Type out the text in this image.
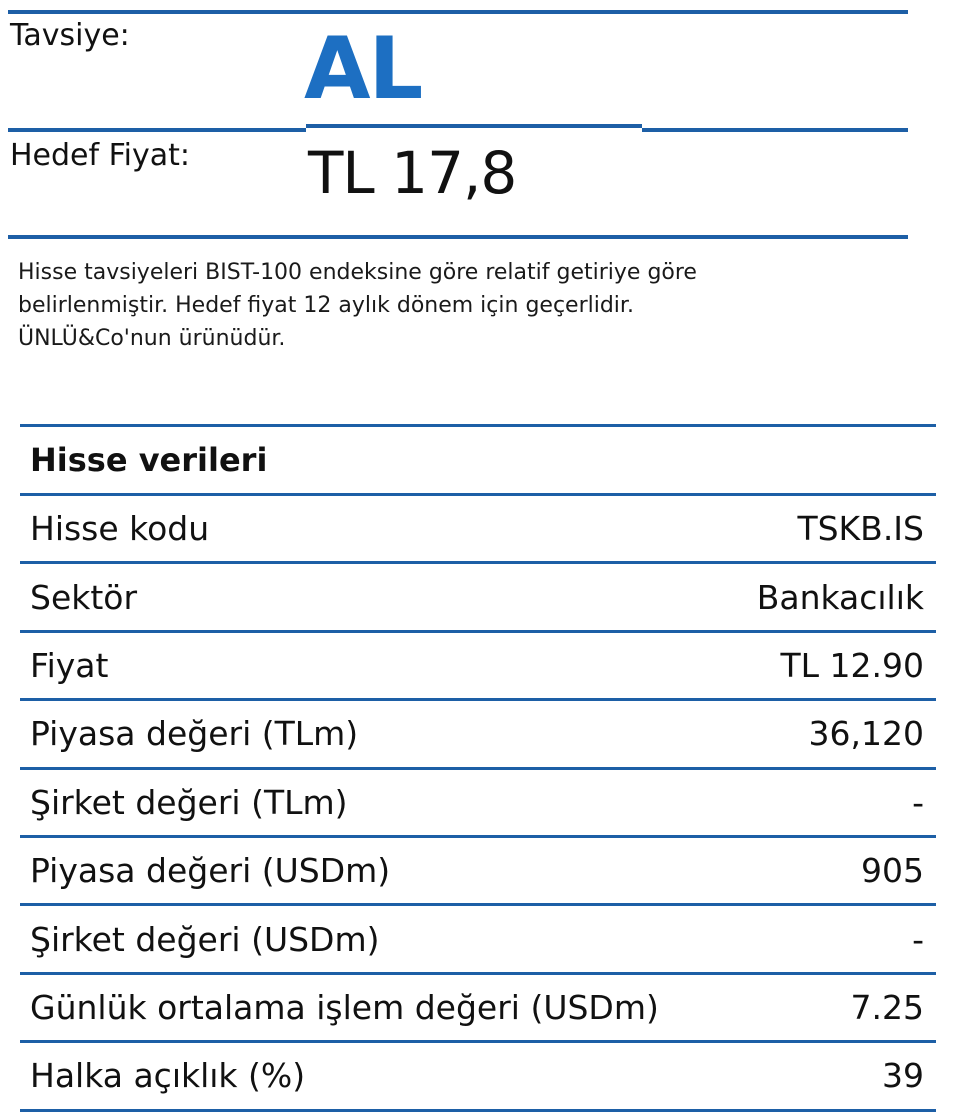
Tavsiye: AL
Hedef Fiyat: TL 17,8
Hisse tavsiyeleri BIST-100 endeksine göre relatif getiriye göre
belirlenmiştir. Hedef fiyat 12 aylık dönem için geçerlidir.
ÜNLÜ&Co'nun ürünüdür.
Hisse verileri
Hisse kodu	TSKB.IS
Sektör	Bankacılık
Fiyat	TL 12.90
Piyasa değeri (TLm)	36,120
Şirket değeri (TLm)	-
Piyasa değeri (USDm)	905
Şirket değeri (USDm)	-
Günlük ortalama işlem değeri (USDm)	7.25
Halka açıklık (%)	39
